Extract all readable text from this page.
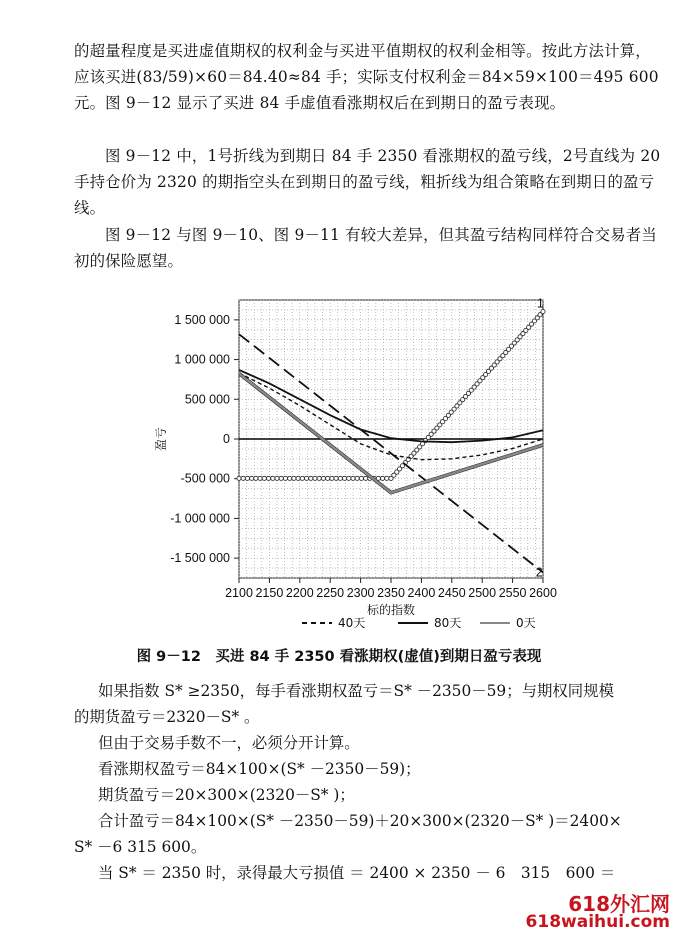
的超量程度是买进虚值期权的权利金与买进平值期权的权利金相等。按此方法计算，应该买进(83/59)×60＝84.40≈84 手；实际支付权利金＝84×59×100＝495 600元。图 9－12 显示了买进 84 手虚值看涨期权后在到期日的盈亏表现。
图 9－12 中，1号折线为到期日 84 手 2350 看涨期权的盈亏线，2号直线为 20 手持仓价为 2320 的期指空头在到期日的盈亏线，粗折线为组合策略在到期日的盈亏线。
图 9－12 与图 9－10、图 9－11 有较大差异，但其盈亏结构同样符合交易者当初的保险愿望。
1 500 000
1 000 000
500 000
0
-500 000
-1 000 000
-1 500 000
2100 2150 2200 2250 2300 2350 2400 2450 2500 2550 2600
标的指数
盈亏
1
2
40天	80天	0天
图 9－12　买进 84 手 2350 看涨期权(虚值)到期日盈亏表现
如果指数 S* ≥2350，每手看涨期权盈亏＝S* －2350－59；与期权同规模
的期货盈亏＝2320－S* 。
但由于交易手数不一，必须分开计算。
看涨期权盈亏＝84×100×(S* －2350－59)；
期货盈亏＝20×300×(2320－S* )；
合计盈亏＝84×100×(S* －2350－59)＋20×300×(2320－S* )＝2400×
S* －6 315 600。
当 S* ＝ 2350 时，录得最大亏损值 ＝ 2400 × 2350 － 6　315　600 ＝
618外汇网
618waihui.com
